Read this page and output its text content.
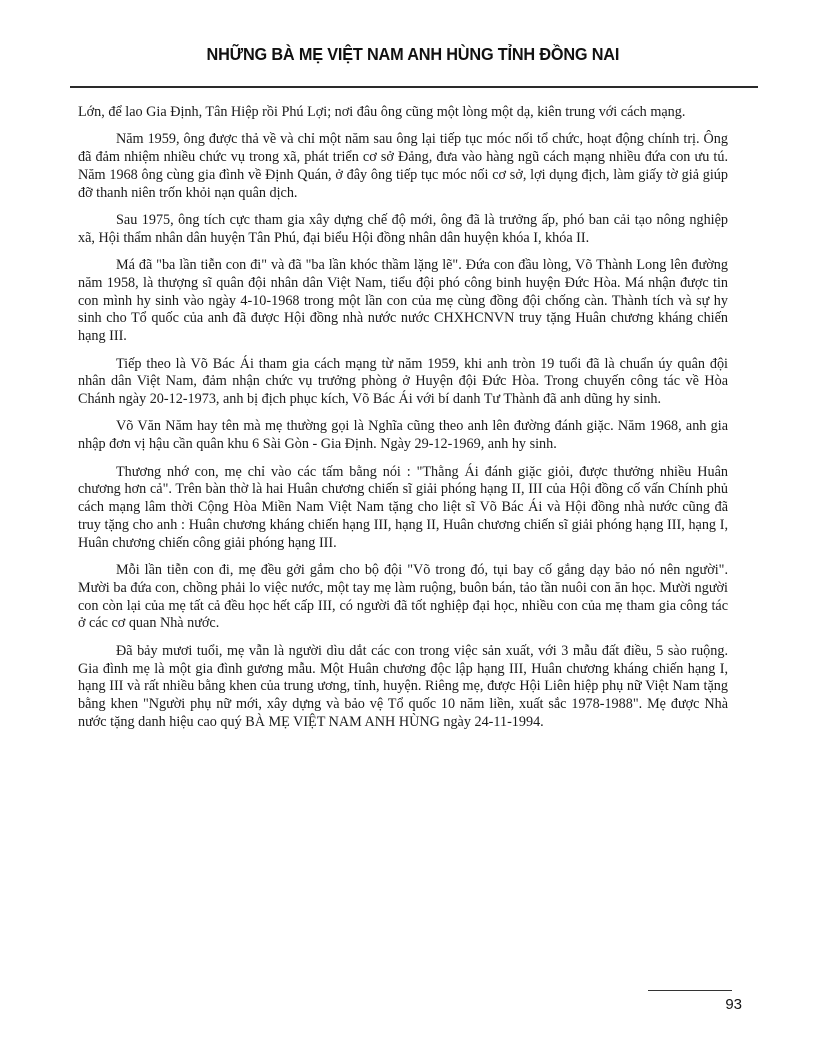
NHỮNG BÀ MẸ VIỆT NAM ANH HÙNG TỈNH ĐỒNG NAI

Lớn, để lao Gia Định, Tân Hiệp rồi Phú Lợi; nơi đâu ông cũng một lòng một dạ, kiên trung với cách mạng.

Năm 1959, ông được thả về và chỉ một năm sau ông lại tiếp tục móc nối tổ chức, hoạt động chính trị. Ông đã đảm nhiệm nhiều chức vụ trong xã, phát triển cơ sở Đảng, đưa vào hàng ngũ cách mạng nhiều đứa con ưu tú. Năm 1968 ông cùng gia đình về Định Quán, ở đây ông tiếp tục móc nối cơ sở, lợi dụng địch, làm giấy tờ giả giúp đỡ thanh niên trốn khỏi nạn quân dịch.

Sau 1975, ông tích cực tham gia xây dựng chế độ mới, ông đã là trưởng ấp, phó ban cải tạo nông nghiệp xã, Hội thẩm nhân dân huyện Tân Phú, đại biểu Hội đồng nhân dân huyện khóa I, khóa II.

Má đã "ba lần tiễn con đi" và đã "ba lần khóc thầm lặng lẽ". Đứa con đầu lòng, Võ Thành Long lên đường năm 1958, là thượng sĩ quân đội nhân dân Việt Nam, tiểu đội phó công binh huyện Đức Hòa. Má nhận được tin con mình hy sinh vào ngày 4-10-1968 trong một lần con của mẹ cùng đồng đội chống càn. Thành tích và sự hy sinh cho Tổ quốc của anh đã được Hội đồng nhà nước nước CHXHCNVN truy tặng Huân chương kháng chiến hạng III.

Tiếp theo là Võ Bác Ái tham gia cách mạng từ năm 1959, khi anh tròn 19 tuổi đã là chuẩn úy quân đội nhân dân Việt Nam, đảm nhận chức vụ trưởng phòng ở Huyện đội Đức Hòa. Trong chuyến công tác về Hòa Chánh ngày 20-12-1973, anh bị địch phục kích, Võ Bác Ái với bí danh Tư Thành đã anh dũng hy sinh.

Võ Văn Năm hay tên mà mẹ thường gọi là Nghĩa cũng theo anh lên đường đánh giặc. Năm 1968, anh gia nhập đơn vị hậu cần quân khu 6 Sài Gòn - Gia Định. Ngày 29-12-1969, anh hy sinh.

Thương nhớ con, mẹ chỉ vào các tấm bằng nói : "Thằng Ái đánh giặc giỏi, được thưởng nhiều Huân chương hơn cả". Trên bàn thờ là hai Huân chương chiến sĩ giải phóng hạng II, III của Hội đồng cố vấn Chính phủ cách mạng lâm thời Cộng Hòa Miền Nam Việt Nam tặng cho liệt sĩ Võ Bác Ái và Hội đồng nhà nước cũng đã truy tặng cho anh : Huân chương kháng chiến hạng III, hạng II, Huân chương chiến sĩ giải phóng hạng III, hạng I, Huân chương chiến công giải phóng hạng III.

Mỗi lần tiễn con đi, mẹ đều gởi gắm cho bộ đội "Võ trong đó, tụi bay cố gắng dạy bảo nó nên người". Mười ba đứa con, chồng phải lo việc nước, một tay mẹ làm ruộng, buôn bán, tảo tần nuôi con ăn học. Mười người con còn lại của mẹ tất cả đều học hết cấp III, có người đã tốt nghiệp đại học, nhiều con của mẹ tham gia công tác ở các cơ quan Nhà nước.

Đã bảy mươi tuổi, mẹ vẫn là người dìu dắt các con trong việc sản xuất, với 3 mẫu đất điều, 5 sào ruộng. Gia đình mẹ là một gia đình gương mẫu. Một Huân chương độc lập hạng III, Huân chương kháng chiến hạng I, hạng III và rất nhiều bằng khen của trung ương, tỉnh, huyện. Riêng mẹ, được Hội Liên hiệp phụ nữ Việt Nam tặng bằng khen "Người phụ nữ mới, xây dựng và bảo vệ Tổ quốc 10 năm liền, xuất sắc 1978-1988". Mẹ được Nhà nước tặng danh hiệu cao quý BÀ MẸ VIỆT NAM ANH HÙNG ngày 24-11-1994.

93
